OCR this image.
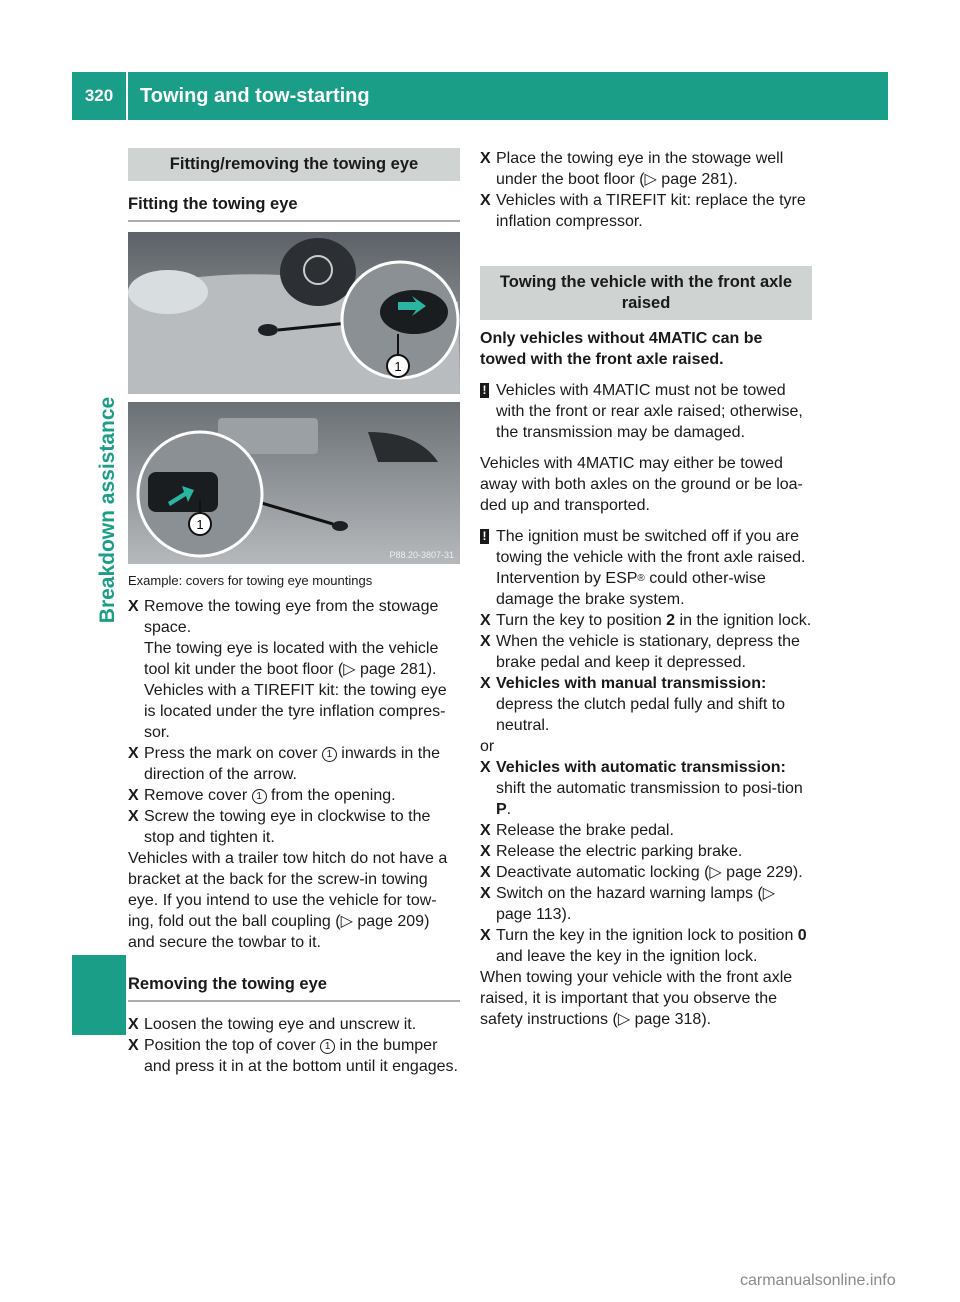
320	Towing and tow-starting
Breakdown assistance
Fitting/removing the towing eye
Fitting the towing eye
1
1
P88.20-3807-31

Example: covers for towing eye mountings

X Remove the towing eye from the stowage space.
The towing eye is located with the vehicle tool kit under the boot floor (▷ page 281).
Vehicles with a TIREFIT kit: the towing eye is located under the tyre inflation compres-sor.
X Press the mark on cover 1 inwards in the direction of the arrow.
X Remove cover 1 from the opening.
X Screw the towing eye in clockwise to the stop and tighten it.

Vehicles with a trailer tow hitch do not have a bracket at the back for the screw-in towing eye. If you intend to use the vehicle for tow-ing, fold out the ball coupling (▷ page 209) and secure the towbar to it.

Removing the towing eye
X Loosen the towing eye and unscrew it.
X Position the top of cover 1 in the bumper and press it in at the bottom until it engages.
X Place the towing eye in the stowage well under the boot floor (▷ page 281).
X Vehicles with a TIREFIT kit: replace the tyre inflation compressor.
Towing the vehicle with the front axle raised

Only vehicles without 4MATIC can be towed with the front axle raised.

! Vehicles with 4MATIC must not be towed with the front or rear axle raised; otherwise, the transmission may be damaged.

Vehicles with 4MATIC may either be towed away with both axles on the ground or be loa-ded up and transported.

! The ignition must be switched off if you are towing the vehicle with the front axle raised. Intervention by ESP® could other-wise damage the brake system.
X Turn the key to position 2 in the ignition lock.
X When the vehicle is stationary, depress the brake pedal and keep it depressed.
X Vehicles with manual transmission:
depress the clutch pedal fully and shift to neutral.

or

X Vehicles with automatic transmission:
shift the automatic transmission to posi-tion P.
X Release the brake pedal.
X Release the electric parking brake.
X Deactivate automatic locking (▷ page 229).
X Switch on the hazard warning lamps (▷ page 113).
X Turn the key in the ignition lock to position 0 and leave the key in the ignition lock.

When towing your vehicle with the front axle raised, it is important that you observe the safety instructions (▷ page 318).

carmanualsonline.info
